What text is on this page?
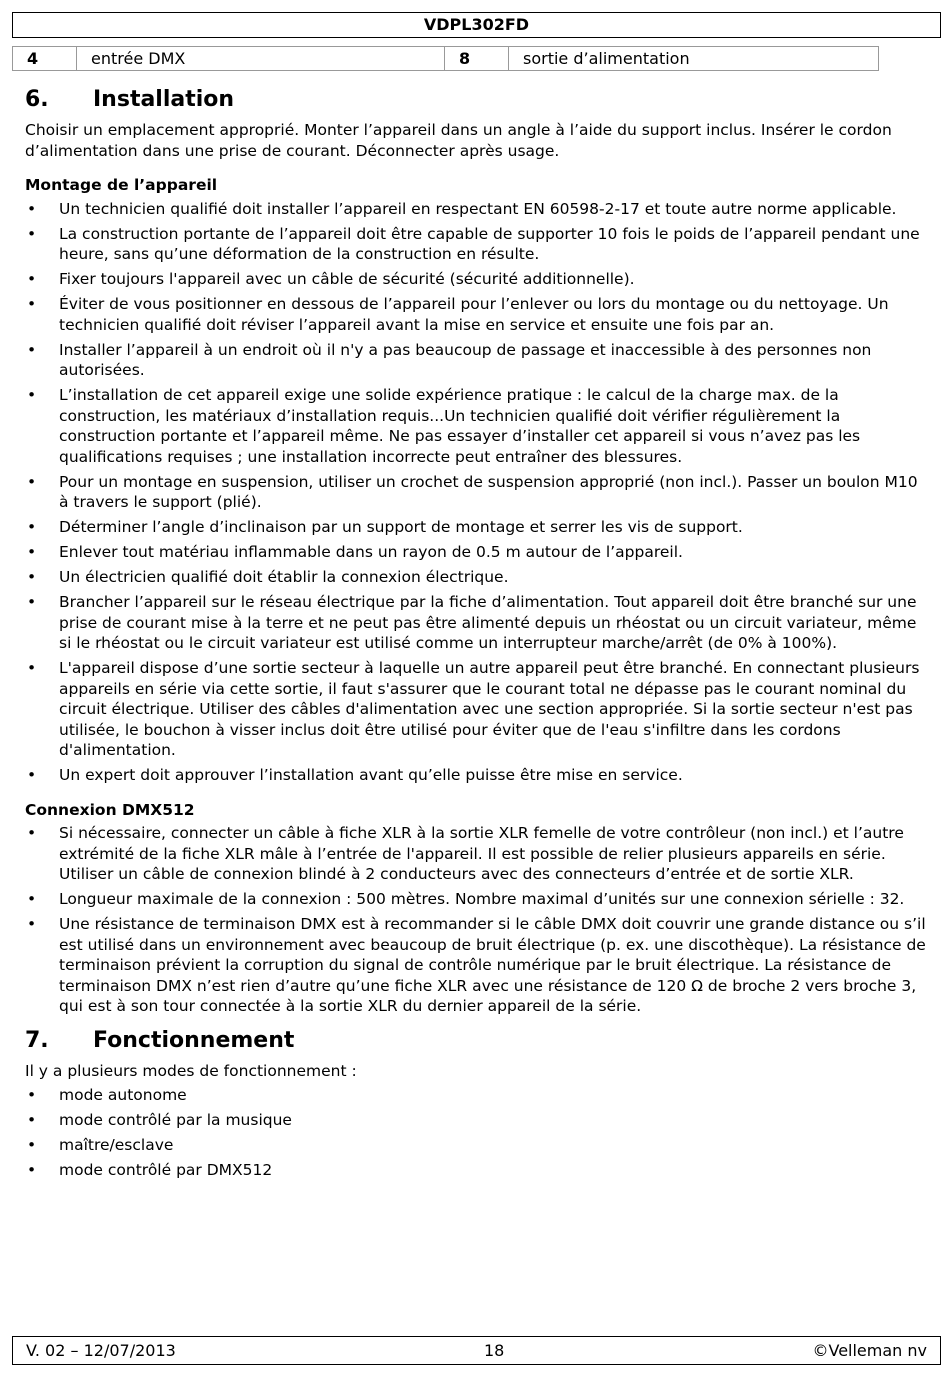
VDPL302FD
4	entrée DMX	8	sortie d’alimentation
6.	Installation

Choisir un emplacement approprié. Monter l’appareil dans un angle à l’aide du support inclus. Insérer le cordon d’alimentation dans une prise de courant. Déconnecter après usage.

Montage de l’appareil
• Un technicien qualifié doit installer l’appareil en respectant EN 60598-2-17 et toute autre norme applicable.
• La construction portante de l’appareil doit être capable de supporter 10 fois le poids de l’appareil pendant une heure, sans qu’une déformation de la construction en résulte.
• Fixer toujours l'appareil avec un câble de sécurité (sécurité additionnelle).
• Éviter de vous positionner en dessous de l’appareil pour l’enlever ou lors du montage ou du nettoyage. Un technicien qualifié doit réviser l’appareil avant la mise en service et ensuite une fois par an.
• Installer l’appareil à un endroit où il n'y a pas beaucoup de passage et inaccessible à des personnes non autorisées.
• L’installation de cet appareil exige une solide expérience pratique : le calcul de la charge max. de la construction, les matériaux d’installation requis...Un technicien qualifié doit vérifier régulièrement la construction portante et l’appareil même. Ne pas essayer d’installer cet appareil si vous n’avez pas les qualifications requises ; une installation incorrecte peut entraîner des blessures.
• Pour un montage en suspension, utiliser un crochet de suspension approprié (non incl.). Passer un boulon M10 à travers le support (plié).
• Déterminer l’angle d’inclinaison par un support de montage et serrer les vis de support.
• Enlever tout matériau inflammable dans un rayon de 0.5 m autour de l’appareil.
• Un électricien qualifié doit établir la connexion électrique.
• Brancher l’appareil sur le réseau électrique par la fiche d’alimentation. Tout appareil doit être branché sur une prise de courant mise à la terre et ne peut pas être alimenté depuis un rhéostat ou un circuit variateur, même si le rhéostat ou le circuit variateur est utilisé comme un interrupteur marche/arrêt (de 0% à 100%).
• L'appareil dispose d’une sortie secteur à laquelle un autre appareil peut être branché. En connectant plusieurs appareils en série via cette sortie, il faut s'assurer que le courant total ne dépasse pas le courant nominal du circuit électrique. Utiliser des câbles d'alimentation avec une section appropriée. Si la sortie secteur n'est pas utilisée, le bouchon à visser inclus doit être utilisé pour éviter que de l'eau s'infiltre dans les cordons d'alimentation.
• Un expert doit approuver l’installation avant qu’elle puisse être mise en service.
Connexion DMX512
• Si nécessaire, connecter un câble à fiche XLR à la sortie XLR femelle de votre contrôleur (non incl.) et l’autre extrémité de la fiche XLR mâle à l’entrée de l'appareil. Il est possible de relier plusieurs appareils en série. Utiliser un câble de connexion blindé à 2 conducteurs avec des connecteurs d’entrée et de sortie XLR.
• Longueur maximale de la connexion : 500 mètres. Nombre maximal d’unités sur une connexion sérielle : 32.
• Une résistance de terminaison DMX est à recommander si le câble DMX doit couvrir une grande distance ou s’il est utilisé dans un environnement avec beaucoup de bruit électrique (p. ex. une discothèque). La résistance de terminaison prévient la corruption du signal de contrôle numérique par le bruit électrique. La résistance de terminaison DMX n’est rien d’autre qu’une fiche XLR avec une résistance de 120 Ω de broche 2 vers broche 3, qui est à son tour connectée à la sortie XLR du dernier appareil de la série.
7.	Fonctionnement

Il y a plusieurs modes de fonctionnement :

• mode autonome
• mode contrôlé par la musique
• maître/esclave
• mode contrôlé par DMX512
V. 02 – 12/07/2013	18	©Velleman nv
